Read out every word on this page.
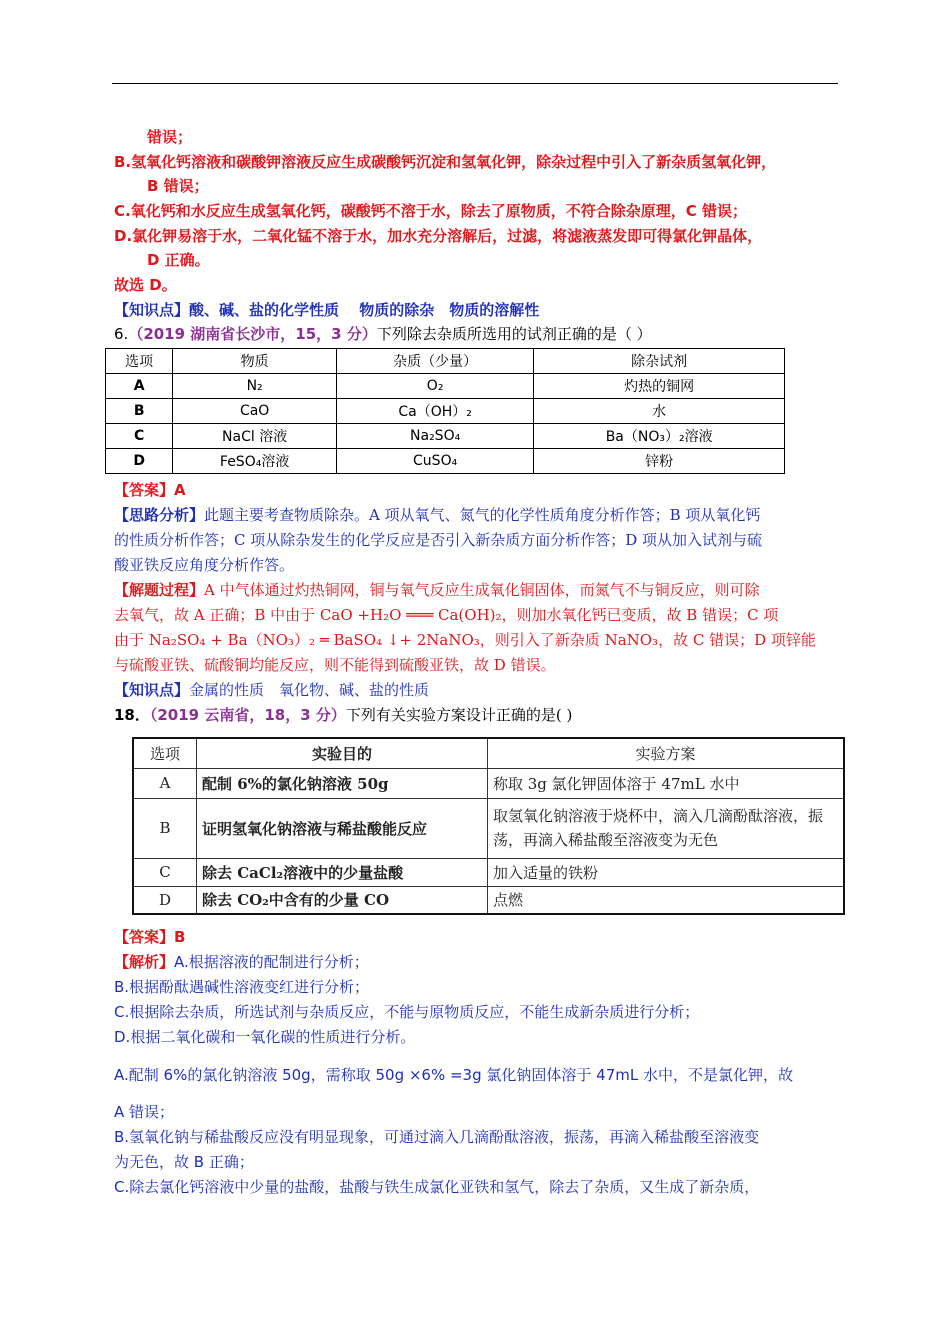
错误；
B.氢氧化钙溶液和碳酸钾溶液反应生成碳酸钙沉淀和氢氧化钾，除杂过程中引入了新杂质氢氧化钾，
B 错误；
C.氧化钙和水反应生成氢氧化钙，碳酸钙不溶于水，除去了原物质，不符合除杂原理，C 错误；
D.氯化钾易溶于水，二氧化锰不溶于水，加水充分溶解后，过滤，将滤液蒸发即可得氯化钾晶体，
D 正确。
故选 D。
【知识点】酸、碱、盐的化学性质　 物质的除杂　物质的溶解性
6.（2019 湖南省长沙市，15，3 分）下列除去杂质所选用的试剂正确的是（ ）
选项	物质	杂质（少量）	除杂试剂
A	N₂	O₂	灼热的铜网
B	CaO	Ca（OH）₂	水
C	NaCl 溶液	Na₂SO₄	Ba（NO₃）₂溶液
D	FeSO₄溶液	CuSO₄	锌粉
【答案】A
【思路分析】此题主要考查物质除杂。A 项从氧气、氮气的化学性质角度分析作答；B 项从氧化钙
的性质分析作答；C 项从除杂发生的化学反应是否引入新杂质方面分析作答；D 项从加入试剂与硫
酸亚铁反应角度分析作答。
【解题过程】A 中气体通过灼热铜网，铜与氧气反应生成氧化铜固体，而氮气不与铜反应，则可除
去氧气，故 A 正确；B 中由于 CaO +H₂O ═══ Ca(OH)₂，则加水氧化钙已变质，故 B 错误；C 项
由于 Na₂SO₄ + Ba（NO₃）₂ ═ BaSO₄ ↓+ 2NaNO₃，则引入了新杂质 NaNO₃，故 C 错误；D 项锌能
与硫酸亚铁、硫酸铜均能反应，则不能得到硫酸亚铁，故 D 错误。
【知识点】金属的性质　氧化物、碱、盐的性质
18．（2019 云南省，18，3 分）下列有关实验方案设计正确的是( )
选项	实验目的	实验方案
A	配制 6%的氯化钠溶液 50g	称取 3g 氯化钾固体溶于 47mL 水中
B	证明氢氧化钠溶液与稀盐酸能反应	取氢氧化钠溶液于烧杯中，滴入几滴酚酞溶液，振荡，再滴入稀盐酸至溶液变为无色
C	除去 CaCl₂溶液中的少量盐酸	加入适量的铁粉
D	除去 CO₂中含有的少量 CO	点燃
【答案】B
【解析】A.根据溶液的配制进行分析；
B.根据酚酞遇碱性溶液变红进行分析；
C.根据除去杂质，所选试剂与杂质反应，不能与原物质反应，不能生成新杂质进行分析；
D.根据二氧化碳和一氧化碳的性质进行分析。
A.配制 6%的氯化钠溶液 50g，需称取 50g ×6% =3g 氯化钠固体溶于 47mL 水中，不是氯化钾，故
A 错误；
B.氢氧化钠与稀盐酸反应没有明显现象，可通过滴入几滴酚酞溶液，振荡，再滴入稀盐酸至溶液变
为无色，故 B 正确；
C.除去氯化钙溶液中少量的盐酸，盐酸与铁生成氯化亚铁和氢气，除去了杂质，又生成了新杂质，
